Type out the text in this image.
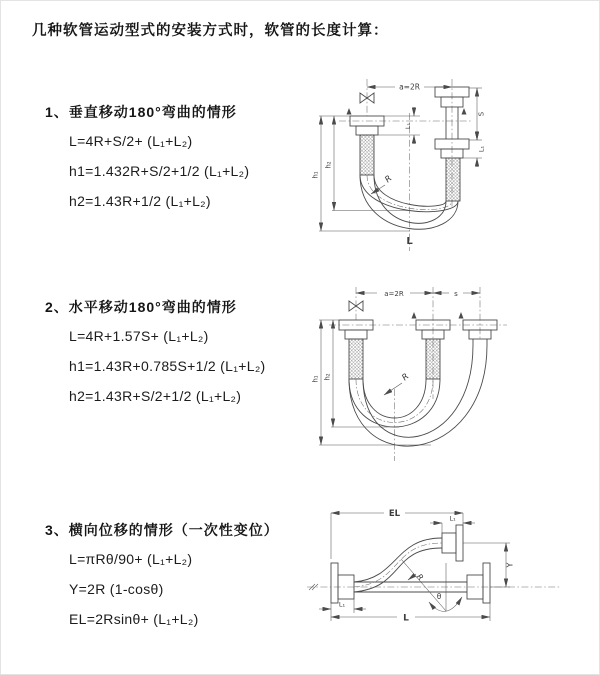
几种软管运动型式的安装方式时，软管的长度计算：
1、垂直移动180°弯曲的情形
L=4R+S/2+ (L₁+L₂)
h1=1.432R+S/2+1/2 (L₁+L₂)
h2=1.43R+1/2 (L₁+L₂)
2、水平移动180°弯曲的情形
L=4R+1.57S+ (L₁+L₂)
h1=1.43R+0.785S+1/2 (L₁+L₂)
h2=1.43R+S/2+1/2 (L₁+L₂)
3、横向位移的情形（一次性变位）
L=πRθ/90+ (L₁+L₂)
Y=2R (1-cosθ)
EL=2Rsinθ+ (L₁+L₂)
a=2R
h₁
h₂
L₁
S
L₁
R
L
a=2R	s
h₁ h₂	R
EL	L₁
Y
L₁
L
θ
R
